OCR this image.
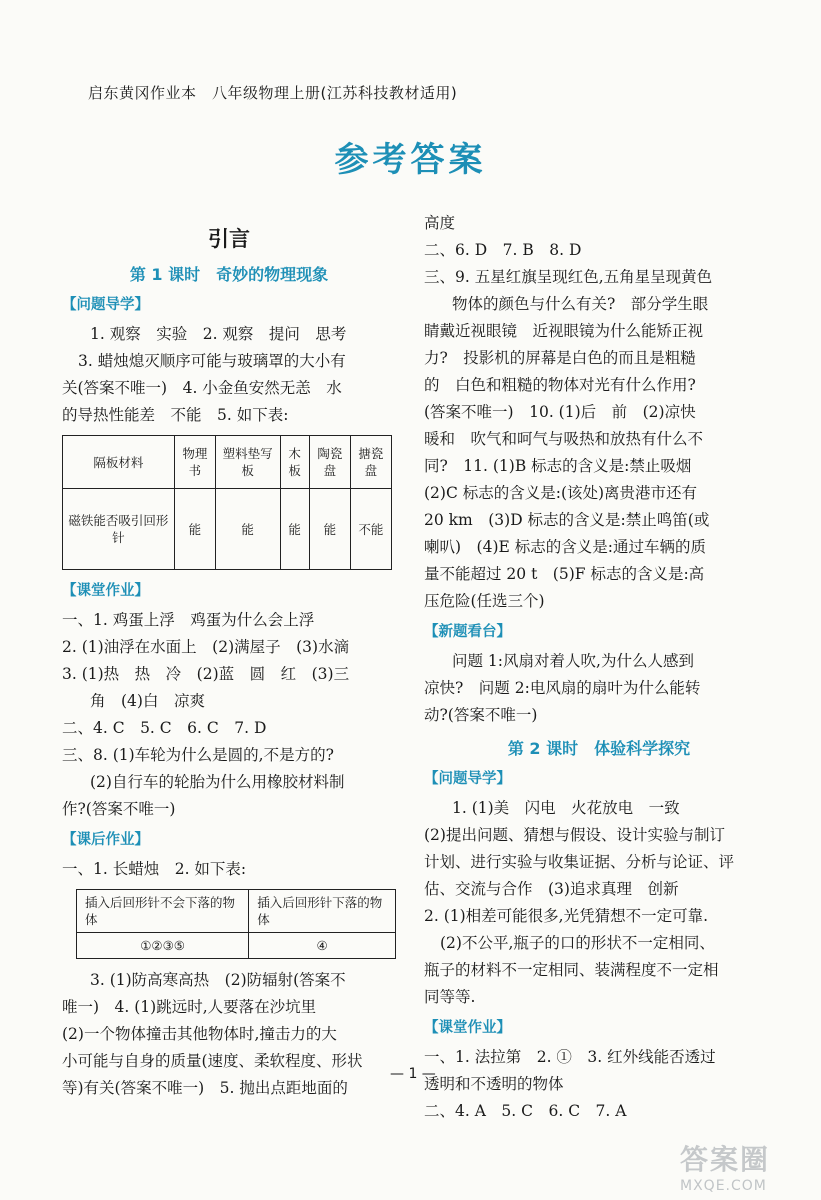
启东黄冈作业本　八年级物理上册(江苏科技教材适用)
参考答案
引言
第 1 课时　奇妙的物理现象
【问题导学】

1. 观察　实验　2. 观察　提问　思考

3. 蜡烛熄灭顺序可能与玻璃罩的大小有

关(答案不唯一)　4. 小金鱼安然无恙　水

的导热性能差　不能　5. 如下表:

隔板材料	物理书	塑料垫写板	木板	陶瓷盘	搪瓷盘
磁铁能否吸引回形针	能	能	能	能	不能
【课堂作业】

一、1. 鸡蛋上浮　鸡蛋为什么会上浮

2. (1)油浮在水面上　(2)满屋子　(3)水滴

3. (1)热　热　冷　(2)蓝　圆　红　(3)三

角　(4)白　凉爽

二、4. C　5. C　6. C　7. D

三、8. (1)车轮为什么是圆的,不是方的?

(2)自行车的轮胎为什么用橡胶材料制

作?(答案不唯一)

【课后作业】

一、1. 长蜡烛　2. 如下表:

插入后回形针不会下落的物体	插入后回形针下落的物体
①②③⑤	④

3. (1)防高寒高热　(2)防辐射(答案不

唯一)　4. (1)跳远时,人要落在沙坑里

(2)一个物体撞击其他物体时,撞击力的大

小可能与自身的质量(速度、柔软程度、形状

等)有关(答案不唯一)　5. 抛出点距地面的

高度

二、6. D　7. B　8. D

三、9. 五星红旗呈现红色,五角星呈现黄色

物体的颜色与什么有关?　部分学生眼

睛戴近视眼镜　近视眼镜为什么能矫正视

力?　投影机的屏幕是白色的而且是粗糙

的　白色和粗糙的物体对光有什么作用?

(答案不唯一)　10. (1)后　前　(2)凉快

暖和　吹气和呵气与吸热和放热有什么不

同?　11. (1)B 标志的含义是:禁止吸烟

(2)C 标志的含义是:(该处)离贵港市还有

20 km　(3)D 标志的含义是:禁止鸣笛(或

喇叭)　(4)E 标志的含义是:通过车辆的质

量不能超过 20 t　(5)F 标志的含义是:高

压危险(任选三个)

【新题看台】

问题 1:风扇对着人吹,为什么人感到

凉快?　问题 2:电风扇的扇叶为什么能转

动?(答案不唯一)

第 2 课时　体验科学探究
【问题导学】

1. (1)美　闪电　火花放电　一致

(2)提出问题、猜想与假设、设计实验与制订

计划、进行实验与收集证据、分析与论证、评

估、交流与合作　(3)追求真理　创新

2. (1)相差可能很多,光凭猜想不一定可靠.

(2)不公平,瓶子的口的形状不一定相同、

瓶子的材料不一定相同、装满程度不一定相

同等等.

【课堂作业】

一、1. 法拉第　2. ①　3. 红外线能否透过

透明和不透明的物体

二、4. A　5. C　6. C　7. A

— 1 —
答案圈
MXQE.COM
